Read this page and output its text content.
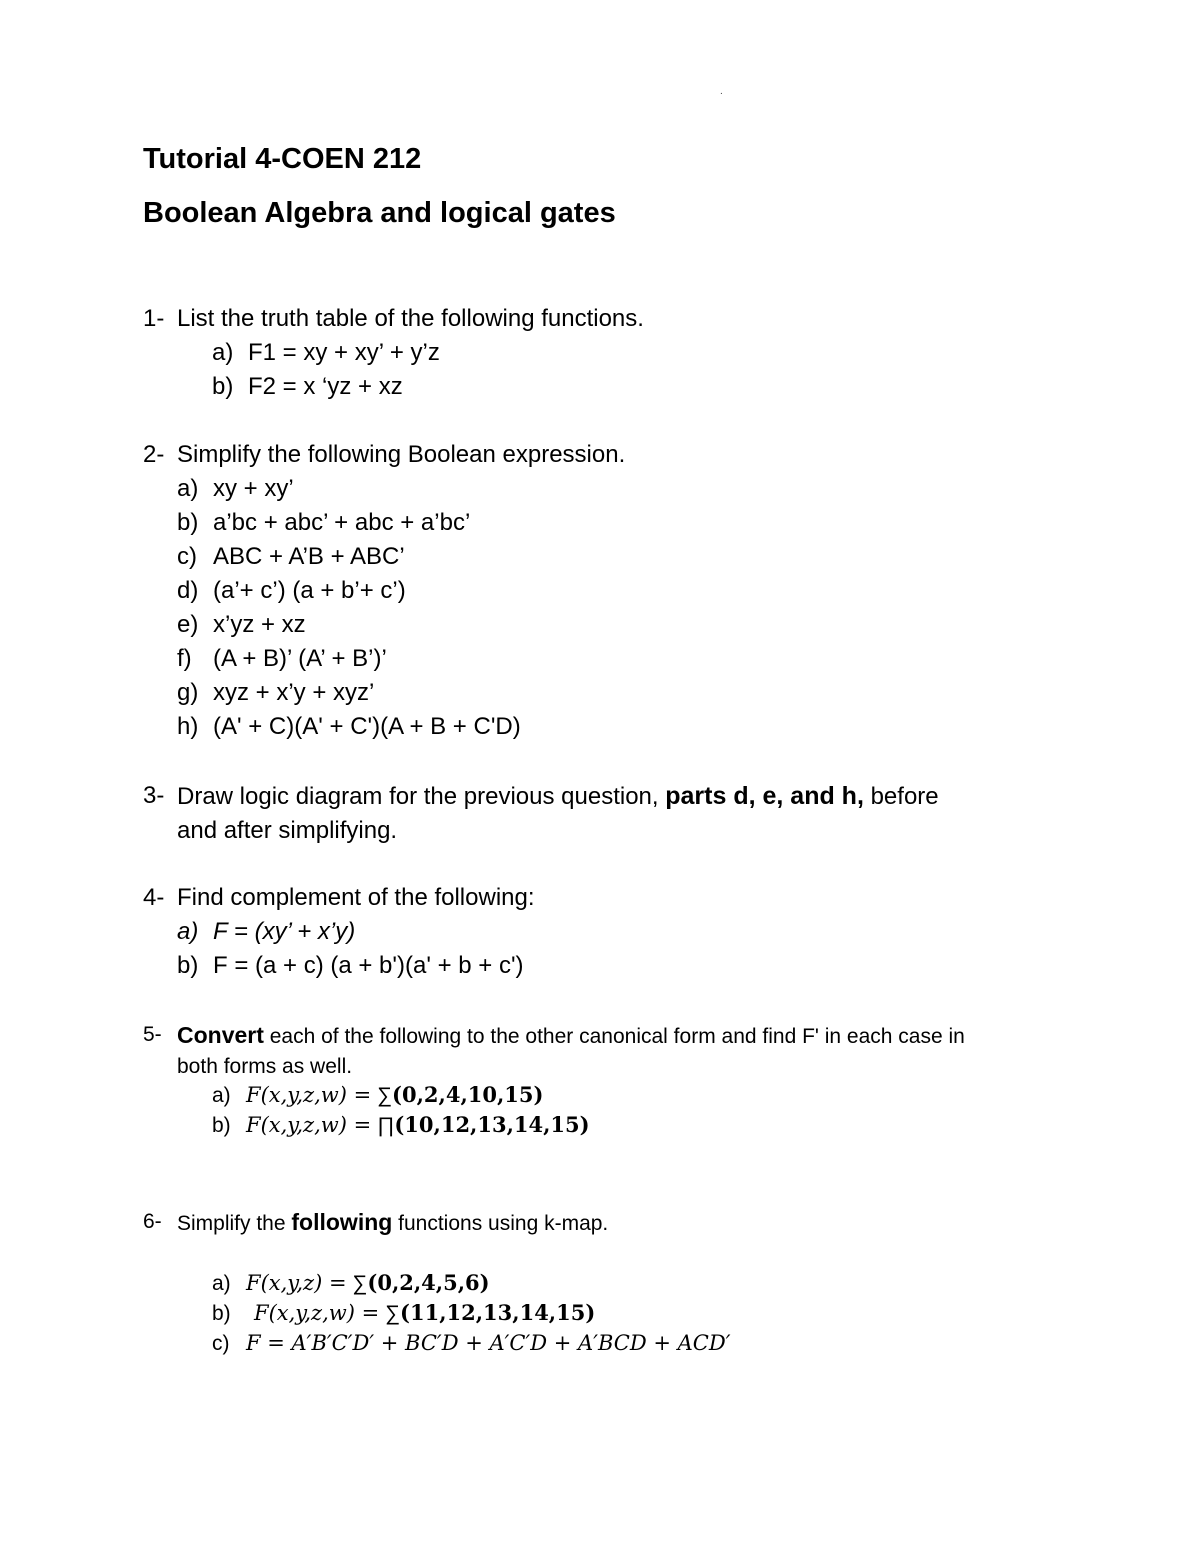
.
Tutorial 4-COEN 212
Boolean Algebra and logical gates
1- List the truth table of the following functions.
a) F1 = xy + xy’ + y’z
b) F2 = x ‘yz + xz
2- Simplify the following Boolean expression.
a) xy + xy’
b) a’bc + abc’ + abc + a’bc’
c) ABC + A’B + ABC’
d) (a’+ c’) (a + b’+ c’)
e) x’yz + xz
f) (A + B)’ (A’ + B’)’
g) xyz + x’y + xyz’
h) (A' + C)(A' + C')(A + B + C'D)
3- Draw logic diagram for the previous question, parts d, e, and h, before
and after simplifying.
4- Find complement of the following:
a) F = (xy’ + x’y)
b) F = (a + c) (a + b')(a' + b + c')
5- Convert each of the following to the other canonical form and find F' in each case in
both forms as well.
a) F(x,y,z,w) = ∑(0,2,4,10,15)
b) F(x,y,z,w) = ∏(10,12,13,14,15)
6- Simplify the following functions using k-map.
a) F(x,y,z) = ∑(0,2,4,5,6)
b) F(x,y,z,w) = ∑(11,12,13,14,15)
c) F = A′B′C′D′ + BC′D + A′C′D + A′BCD + ACD′
